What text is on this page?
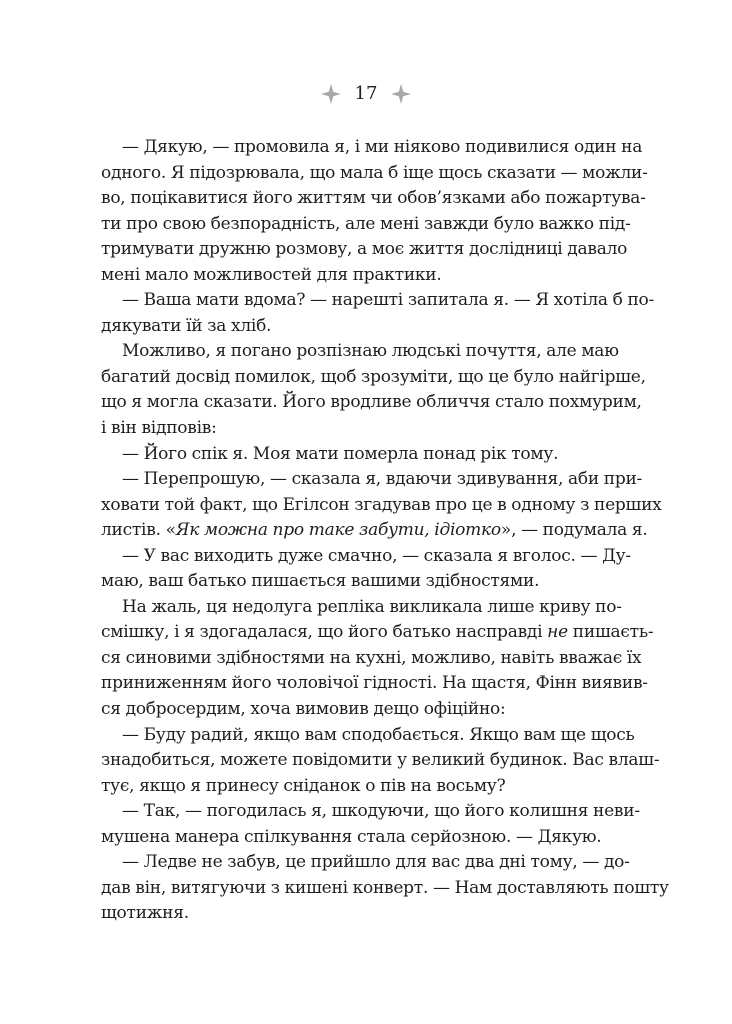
17
— Дякую, — промовила я, і ми ніяково подивилися один на
одного. Я підозрювала, що мала б іще щось сказати — можли-
во, поцікавитися його життям чи обов’язками або пожартува-
ти про свою безпорадність, але мені завжди було важко під-
тримувати дружню розмову, а моє життя дослідниці давало
мені мало можливостей для практики.
— Ваша мати вдома? — нарешті запитала я. — Я хотіла б по-
дякувати їй за хліб.
Можливо, я погано розпізнаю людські почуття, але маю
багатий досвід помилок, щоб зрозуміти, що це було найгірше,
що я могла сказати. Його вродливе обличчя стало похмурим,
і він відповів:
— Його спік я. Моя мати померла понад рік тому.
— Перепрошую, — сказала я, вдаючи здивування, аби при-
ховати той факт, що Егілсон згадував про це в одному з перших
листів. «Як можна про таке забути, ідіотко», — подумала я.
— У вас виходить дуже смачно, — сказала я вголос. — Ду-
маю, ваш батько пишається вашими здібностями.
На жаль, ця недолуга репліка викликала лише криву по-
смішку, і я здогадалася, що його батько насправді не пишаєть-
ся синовими здібностями на кухні, можливо, навіть вважає їх
приниженням його чоловічої гідності. На щастя, Фінн виявив-
ся добросердим, хоча вимовив дещо офіційно:
— Буду радий, якщо вам сподобається. Якщо вам ще щось
знадобиться, можете повідомити у великий будинок. Вас влаш-
тує, якщо я принесу сніданок о пів на восьму?
— Так, — погодилась я, шкодуючи, що його колишня неви-
мушена манера спілкування стала серйозною. — Дякую.
— Ледве не забув, це прийшло для вас два дні тому, — до-
дав він, витягуючи з кишені конверт. — Нам доставляють пошту
щотижня.
